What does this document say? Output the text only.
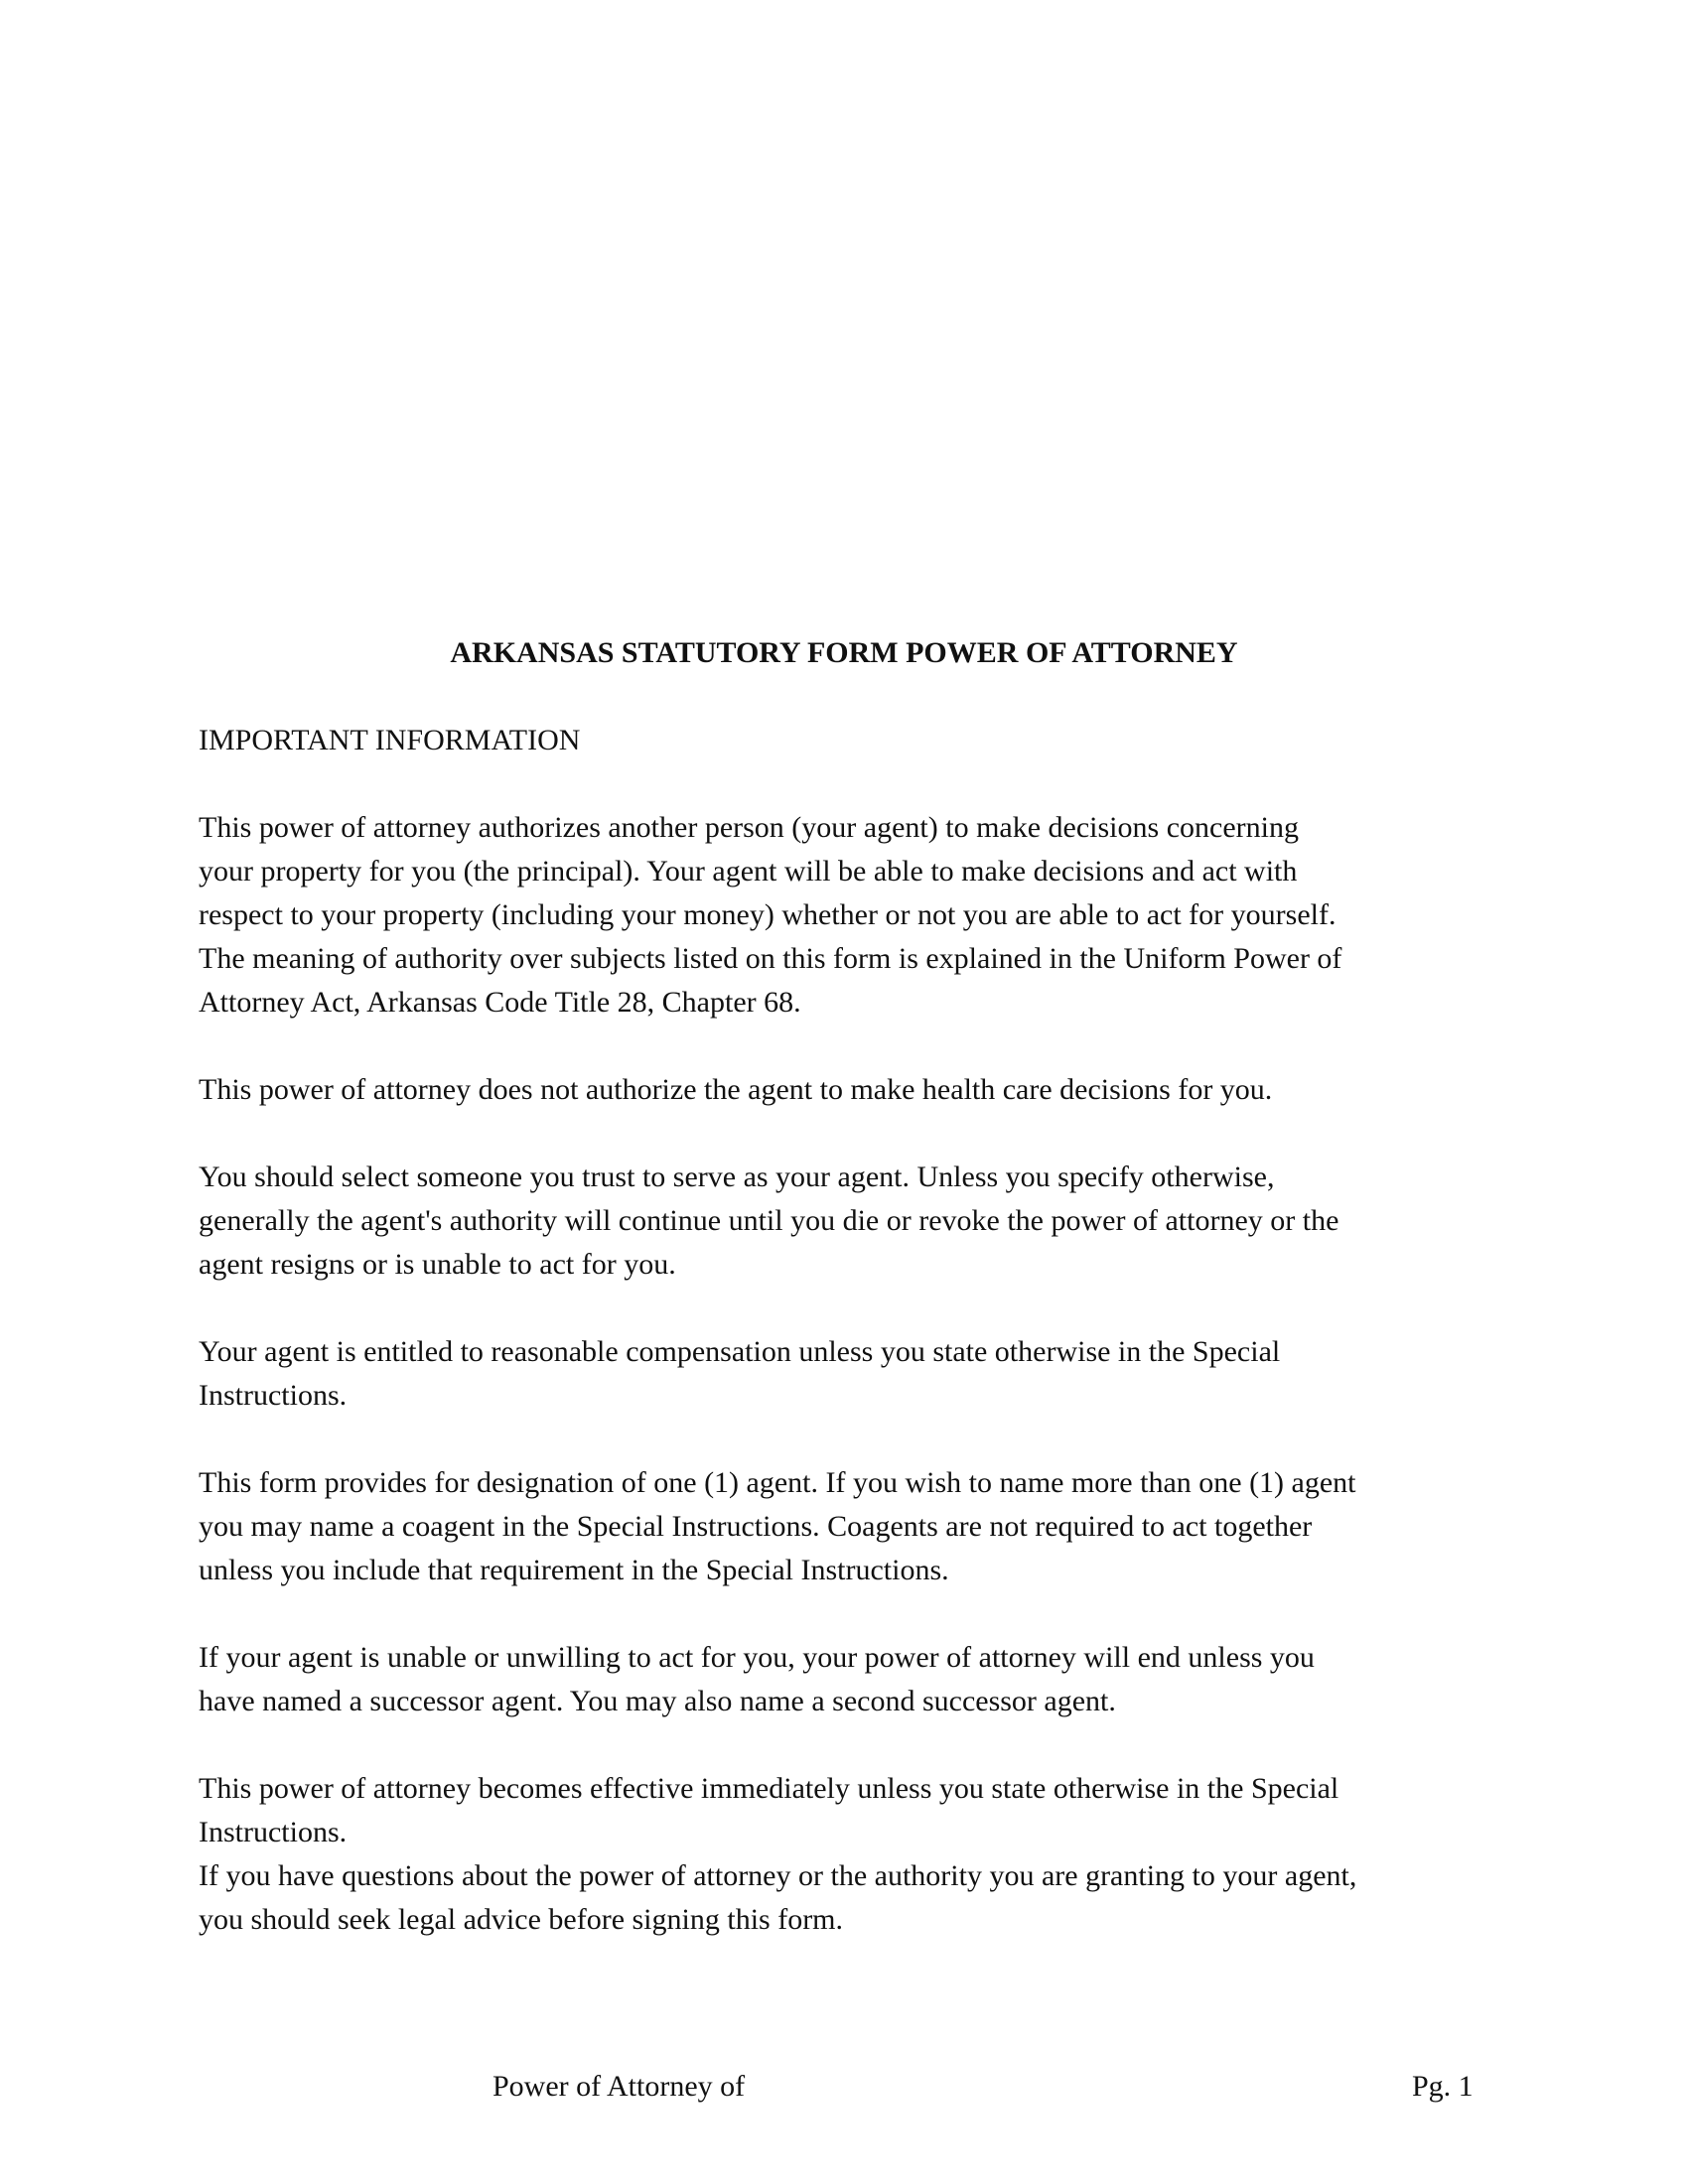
ARKANSAS STATUTORY FORM POWER OF ATTORNEY

IMPORTANT INFORMATION

This power of attorney authorizes another person (your agent) to make decisions concerning
your property for you (the principal). Your agent will be able to make decisions and act with
respect to your property (including your money) whether or not you are able to act for yourself.
The meaning of authority over subjects listed on this form is explained in the Uniform Power of
Attorney Act, Arkansas Code Title 28, Chapter 68.

This power of attorney does not authorize the agent to make health care decisions for you.

You should select someone you trust to serve as your agent. Unless you specify otherwise,
generally the agent's authority will continue until you die or revoke the power of attorney or the
agent resigns or is unable to act for you.

Your agent is entitled to reasonable compensation unless you state otherwise in the Special
Instructions.

This form provides for designation of one (1) agent. If you wish to name more than one (1) agent
you may name a coagent in the Special Instructions. Coagents are not required to act together
unless you include that requirement in the Special Instructions.

If your agent is unable or unwilling to act for you, your power of attorney will end unless you
have named a successor agent. You may also name a second successor agent.

This power of attorney becomes effective immediately unless you state otherwise in the Special
Instructions.
If you have questions about the power of attorney or the authority you are granting to your agent,
you should seek legal advice before signing this form.

Power of Attorney of	Pg. 1
